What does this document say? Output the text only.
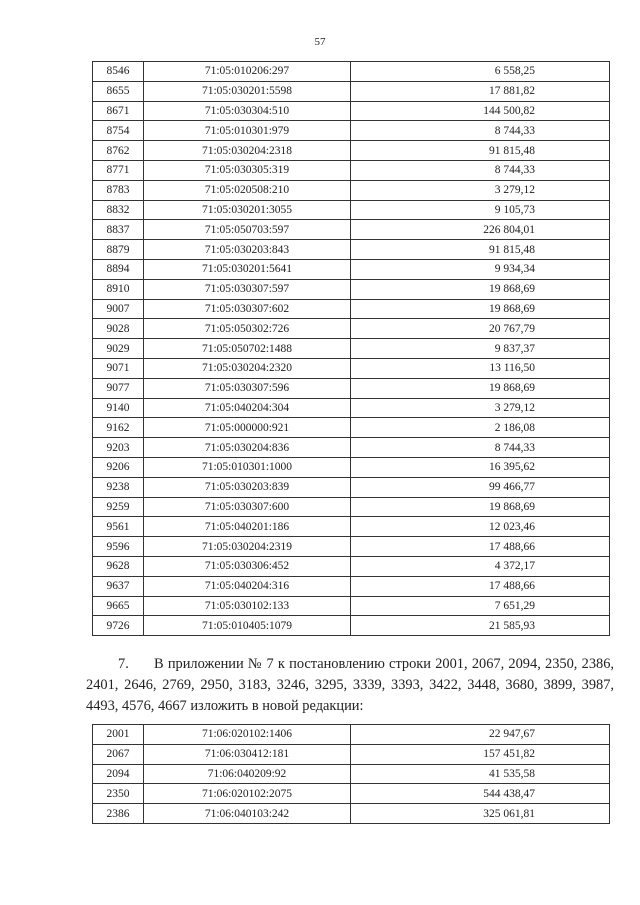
57
8546	71:05:010206:297	6 558,25
8655	71:05:030201:5598	17 881,82
8671	71:05:030304:510	144 500,82
8754	71:05:010301:979	8 744,33
8762	71:05:030204:2318	91 815,48
8771	71:05:030305:319	8 744,33
8783	71:05:020508:210	3 279,12
8832	71:05:030201:3055	9 105,73
8837	71:05:050703:597	226 804,01
8879	71:05:030203:843	91 815,48
8894	71:05:030201:5641	9 934,34
8910	71:05:030307:597	19 868,69
9007	71:05:030307:602	19 868,69
9028	71:05:050302:726	20 767,79
9029	71:05:050702:1488	9 837,37
9071	71:05:030204:2320	13 116,50
9077	71:05:030307:596	19 868,69
9140	71:05:040204:304	3 279,12
9162	71:05:000000:921	2 186,08
9203	71:05:030204:836	8 744,33
9206	71:05:010301:1000	16 395,62
9238	71:05:030203:839	99 466,77
9259	71:05:030307:600	19 868,69
9561	71:05:040201:186	12 023,46
9596	71:05:030204:2319	17 488,66
9628	71:05:030306:452	4 372,17
9637	71:05:040204:316	17 488,66
9665	71:05:030102:133	7 651,29
9726	71:05:010405:1079	21 585,93
7. В приложении № 7 к постановлению строки 2001, 2067, 2094, 2350, 2386, 2401, 2646, 2769, 2950, 3183, 3246, 3295, 3339, 3393, 3422, 3448, 3680, 3899, 3987, 4493, 4576, 4667 изложить в новой редакции:
2001	71:06:020102:1406	22 947,67
2067	71:06:030412:181	157 451,82
2094	71:06:040209:92	41 535,58
2350	71:06:020102:2075	544 438,47
2386	71:06:040103:242	325 061,81
